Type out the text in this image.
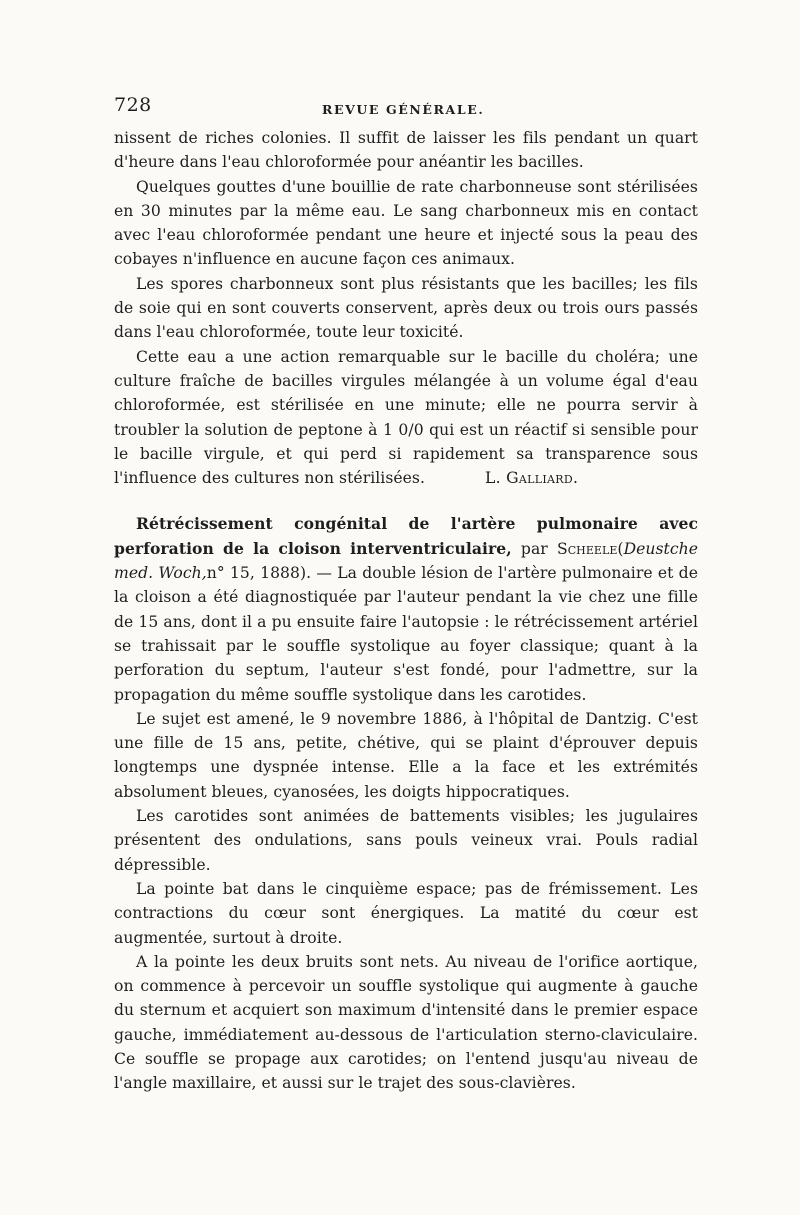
728	REVUE GÉNÉRALE.

nissent de riches colonies. Il suffit de laisser les fils pendant un quart d'heure dans l'eau chloroformée pour anéantir les bacilles.

Quelques gouttes d'une bouillie de rate charbonneuse sont stérilisées en 30 minutes par la même eau. Le sang charbonneux mis en contact avec l'eau chloroformée pendant une heure et injecté sous la peau des cobayes n'influence en aucune façon ces animaux.

Les spores charbonneux sont plus résistants que les bacilles; les fils de soie qui en sont couverts conservent, après deux ou trois ours passés dans l'eau chloroformée, toute leur toxicité.

Cette eau a une action remarquable sur le bacille du choléra; une culture fraîche de bacilles virgules mélangée à un volume égal d'eau chloroformée, est stérilisée en une minute; elle ne pourra servir à troubler la solution de peptone à 1 0/0 qui est un réactif si sensible pour le bacille virgule, et qui perd si rapidement sa transparence sous l'influence des cultures non stérilisées.	L. Galliard.

Rétrécissement congénital de l'artère pulmonaire avec perforation de la cloison interventriculaire, par Scheele(Deustche med. Woch,n° 15, 1888). — La double lésion de l'artère pulmonaire et de la cloison a été diagnostiquée par l'auteur pendant la vie chez une fille de 15 ans, dont il a pu ensuite faire l'autopsie : le rétrécissement artériel se trahissait par le souffle systolique au foyer classique; quant à la perforation du septum, l'auteur s'est fondé, pour l'admettre, sur la propagation du même souffle systolique dans les carotides.

Le sujet est amené, le 9 novembre 1886, à l'hôpital de Dantzig. C'est une fille de 15 ans, petite, chétive, qui se plaint d'éprouver depuis longtemps une dyspnée intense. Elle a la face et les extrémités absolument bleues, cyanosées, les doigts hippocratiques.

Les carotides sont animées de battements visibles; les jugulaires présentent des ondulations, sans pouls veineux vrai. Pouls radial dépressible.

La pointe bat dans le cinquième espace; pas de frémissement. Les contractions du cœur sont énergiques. La matité du cœur est augmentée, surtout à droite.

A la pointe les deux bruits sont nets. Au niveau de l'orifice aortique, on commence à percevoir un souffle systolique qui augmente à gauche du sternum et acquiert son maximum d'intensité dans le premier espace gauche, immédiatement au-dessous de l'articulation sterno-claviculaire. Ce souffle se propage aux carotides; on l'entend jusqu'au niveau de l'angle maxillaire, et aussi sur le trajet des sous-clavières.
